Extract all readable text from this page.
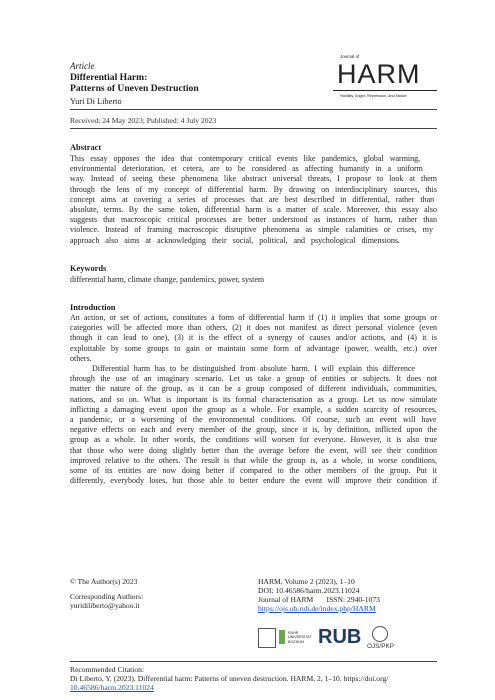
Article
Differential Harm:
Patterns of Uneven Destruction
Yuri Di Liberto
Received: 24 May 2023; Published: 4 July 2023
Journal of
HARM
Hostility, Anger, Repression, and Malice
Abstract
This essay opposes the idea that contemporary critical events like pandemics, global warming,
environmental deterioration, et cetera, are to be considered as affecting humanity in a uniform
way. Instead of seeing these phenomena like abstract universal threats, I propose to look at them
through the lens of my concept of differential harm. By drawing on interdisciplinary sources, this
concept aims at covering a series of processes that are best described in differential, rather than
absolute, terms. By the same token, differential harm is a matter of scale. Moreover, this essay also
suggests that macroscopic critical processes are better understood as instances of harm, rather than
violence. Instead of framing macroscopic disruptive phenomena as simple calamities or crises, my
approach also aims at acknowledging their social, political, and psychological dimensions.
Keywords
differential harm, climate change, pandemics, power, system
Introduction
An action, or set of actions, constitutes a form of differential harm if (1) it implies that some groups or
categories will be affected more than others, (2) it does not manifest as direct personal violence (even
though it can lead to one), (3) it is the effect of a synergy of causes and/or actions, and (4) it is
exploitable by some groups to gain or maintain some form of advantage (power, wealth, etc.) over
others.
Differential harm has to be distinguished from absolute harm. I will explain this difference
through the use of an imaginary scenario. Let us take a group of entities or subjects. It does not
matter the nature of the group, as it can be a group composed of different individuals, communities,
nations, and so on. What is important is its formal characterisation as a group. Let us now simulate
inflicting a damaging event upon the group as a whole. For example, a sudden scarcity of resources,
a pandemic, or a worsening of the environmental conditions. Of course, such an event will have
negative effects on each and every member of the group, since it is, by definition, inflicted upon the
group as a whole. In other words, the conditions will worsen for everyone. However, it is also true
that those who were doing slightly better than the average before the event, will see their condition
improved relative to the others. The result is that while the group is, as a whole, in worse conditions,
some of its entities are now doing better if compared to the other members of the group. Put it
differently, everybody loses, but those able to better endure the event will improve their condition if
© The Author(s) 2023
Corresponding Authors:
yuridiliberto@yahoo.it
HARM, Volume 2 (2023), 1–10
DOI: 10.46586/harm.2023.11024
Journal of HARM       ISSN: 2940-1073
https://ojs.ub.rub.de/index.php/HARM
RUHR
UNIVERSITÄT
BOCHUM RUB OJS/PKP
Recommended Citation:
Di Liberto, Y. (2023). Differential harm: Patterns of uneven destruction. HARM, 2, 1–10. https://doi.org/
10.46586/harm.2023.11024
